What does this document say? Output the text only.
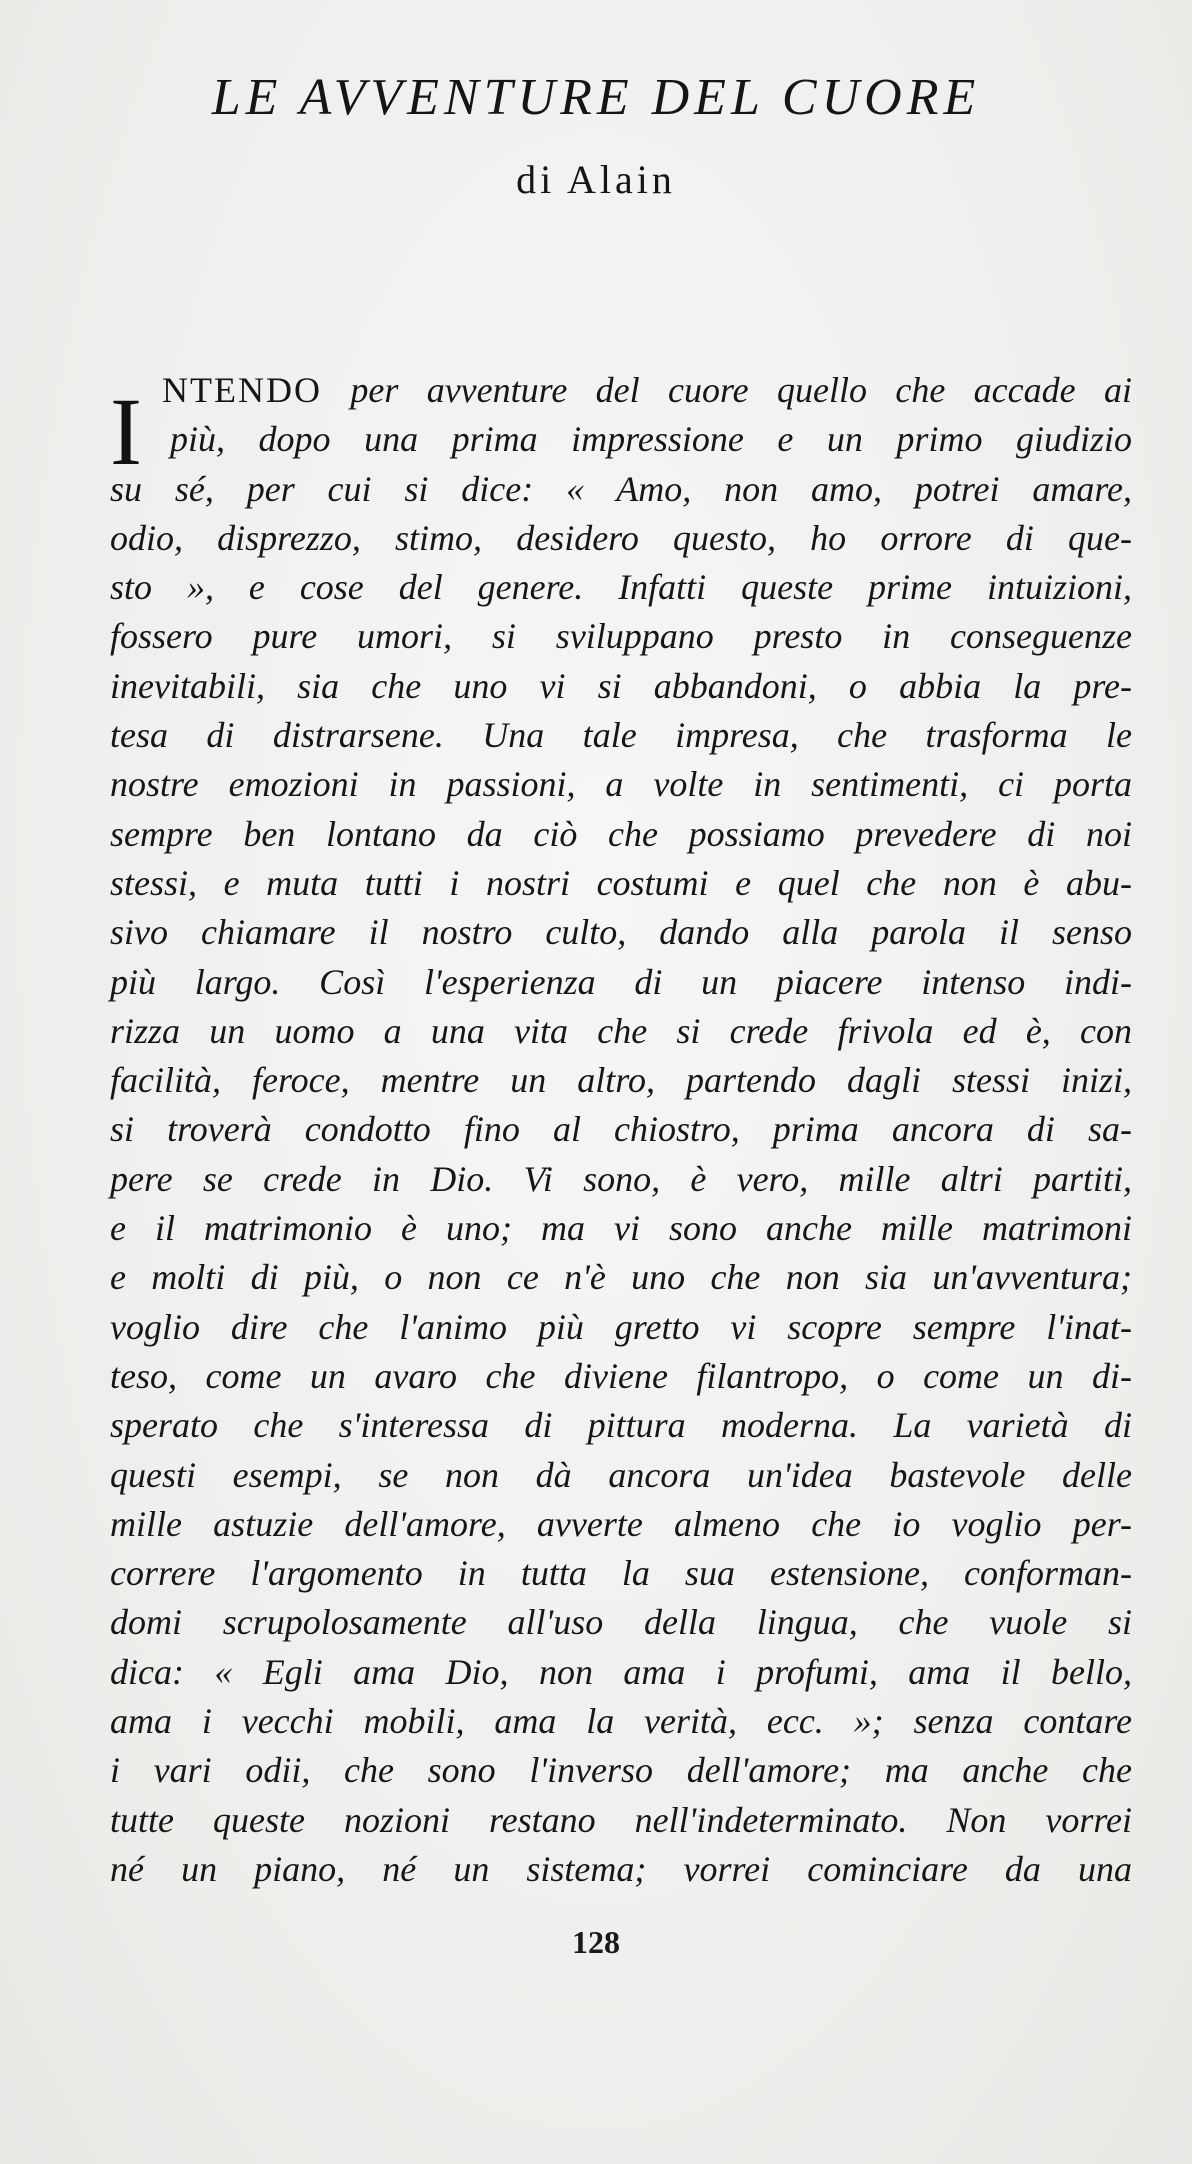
LE AVVENTURE DEL CUORE
di Alain
I NTENDO per avventure del cuore quello che accade ai
più, dopo una prima impressione e un primo giudizio
su sé, per cui si dice: « Amo, non amo, potrei amare,
odio, disprezzo, stimo, desidero questo, ho orrore di que-
sto », e cose del genere. Infatti queste prime intuizioni,
fossero pure umori, si sviluppano presto in conseguenze
inevitabili, sia che uno vi si abbandoni, o abbia la pre-
tesa di distrarsene. Una tale impresa, che trasforma le
nostre emozioni in passioni, a volte in sentimenti, ci porta
sempre ben lontano da ciò che possiamo prevedere di noi
stessi, e muta tutti i nostri costumi e quel che non è abu-
sivo chiamare il nostro culto, dando alla parola il senso
più largo. Così l'esperienza di un piacere intenso indi-
rizza un uomo a una vita che si crede frivola ed è, con
facilità, feroce, mentre un altro, partendo dagli stessi inizi,
si troverà condotto fino al chiostro, prima ancora di sa-
pere se crede in Dio. Vi sono, è vero, mille altri partiti,
e il matrimonio è uno; ma vi sono anche mille matrimoni
e molti di più, o non ce n'è uno che non sia un'avventura;
voglio dire che l'animo più gretto vi scopre sempre l'inat-
teso, come un avaro che diviene filantropo, o come un di-
sperato che s'interessa di pittura moderna. La varietà di
questi esempi, se non dà ancora un'idea bastevole delle
mille astuzie dell'amore, avverte almeno che io voglio per-
correre l'argomento in tutta la sua estensione, conforman-
domi scrupolosamente all'uso della lingua, che vuole si
dica: « Egli ama Dio, non ama i profumi, ama il bello,
ama i vecchi mobili, ama la verità, ecc. »; senza contare
i vari odii, che sono l'inverso dell'amore; ma anche che
tutte queste nozioni restano nell'indeterminato. Non vorrei
né un piano, né un sistema; vorrei cominciare da una
128
